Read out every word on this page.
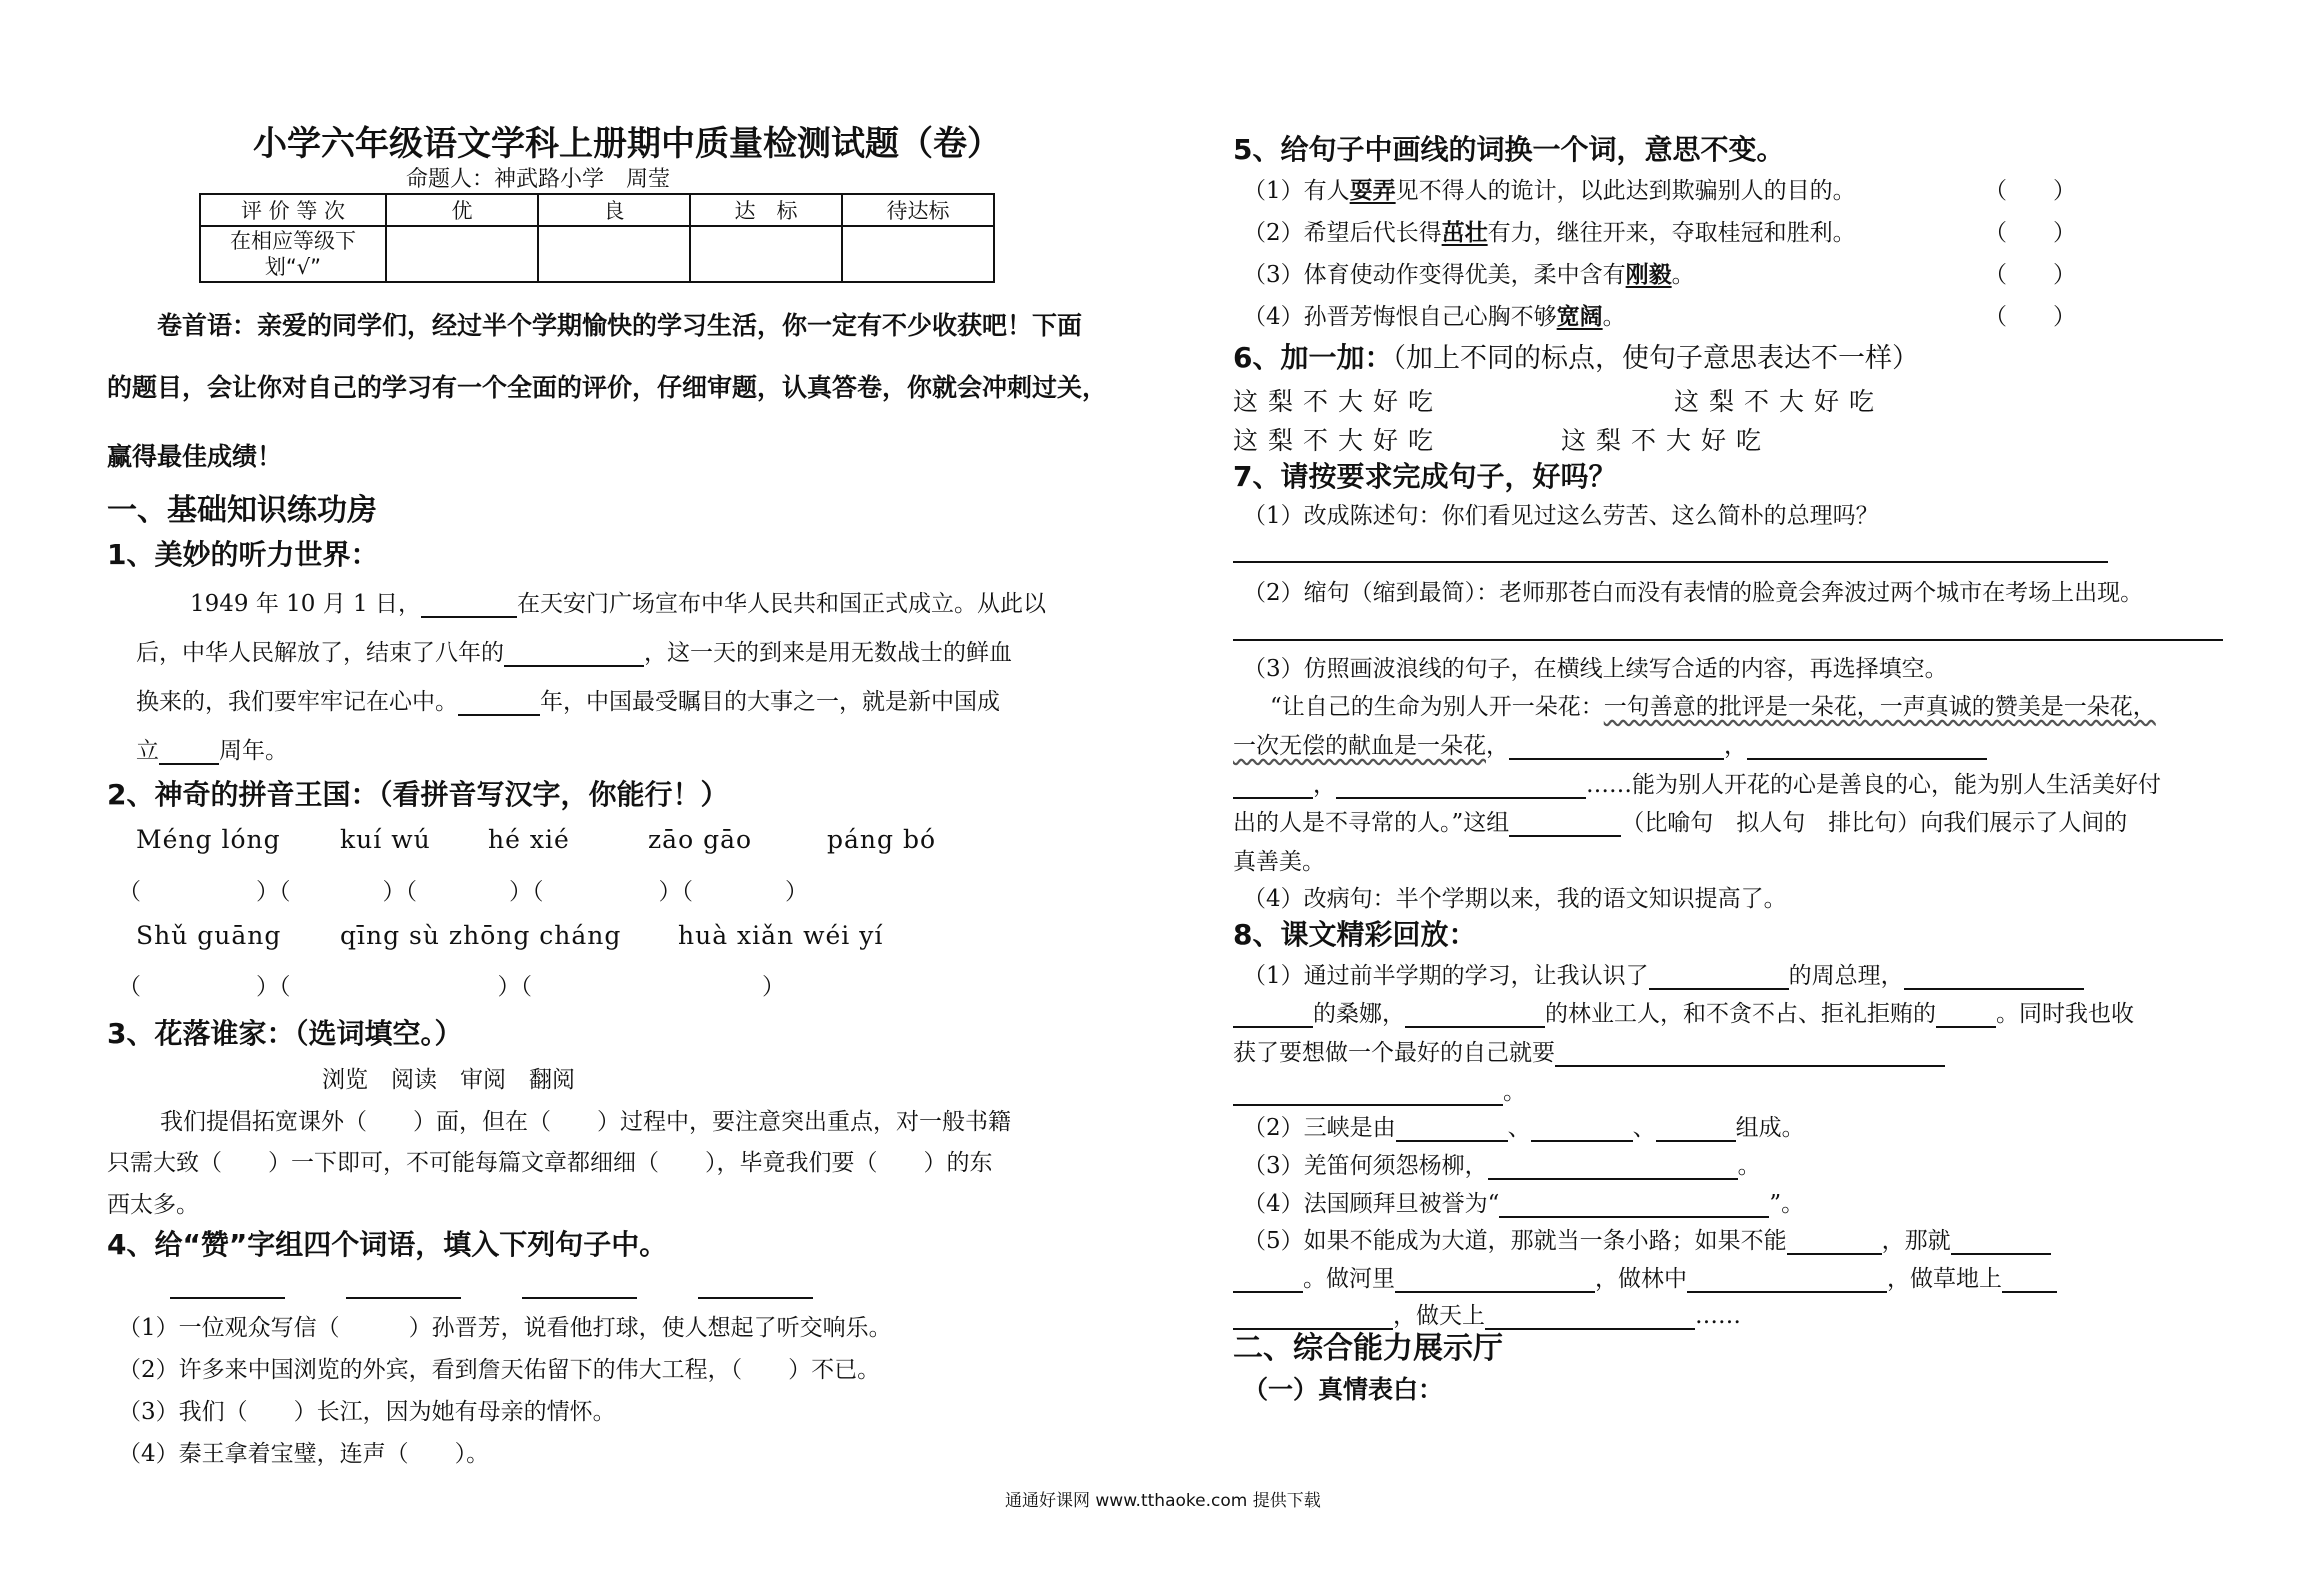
小学六年级语文学科上册期中质量检测试题（卷）
命题人：神武路小学　周莹
评 价 等 次	优	良	达　标	待达标
在相应等级下划“√”				
卷首语：亲爱的同学们，经过半个学期愉快的学习生活，你一定有不少收获吧！下面
的题目，会让你对自己的学习有一个全面的评价，仔细审题，认真答卷，你就会冲刺过关，
赢得最佳成绩！
一、基础知识练功房
1、美妙的听力世界：
1949 年 10 月 1 日，	在天安门广场宣布中华人民共和国正式成立。从此以
后，中华人民解放了，结束了八年的	，这一天的到来是用无数战士的鲜血
换来的，我们要牢牢记在心中。	年，中国最受瞩目的大事之一，就是新中国成
立	周年。
2、神奇的拼音王国：（看拼音写汉字，你能行！）
Méng lóng kuí wú hé xié	zāo gāo	páng bó
（　　　　　）（　　　　）（　　　　）（　　　　　）（　　　　）
Shǔ guāng qīng sù zhōng cháng huà xiǎn wéi yí
（　　　　　）（　　　　　　　　　）（　　　　　　　　　　）
3、花落谁家：（选词填空。）
浏览　阅读　审阅　翻阅
我们提倡拓宽课外（　　）面，但在（　　）过程中，要注意突出重点，对一般书籍
只需大致（　　）一下即可，不可能每篇文章都细细（　　），毕竟我们要（　　）的东
西太多。
4、给“赞”字组四个词语，填入下列句子中。
（1）一位观众写信（　　　）孙晋芳，说看他打球，使人想起了听交响乐。
（2）许多来中国浏览的外宾，看到詹天佑留下的伟大工程，（　　）不已。
（3）我们（　　）长江，因为她有母亲的情怀。
（4）秦王拿着宝璧，连声（　　）。
5、给句子中画线的词换一个词，意思不变。
（1）有人耍弄见不得人的诡计，以此达到欺骗别人的目的。
（2）希望后代长得茁壮有力，继往开来，夺取桂冠和胜利。
（3）体育使动作变得优美，柔中含有刚毅。
（4）孙晋芳悔恨自己心胸不够宽阔。
（　　）
（　　）
（　　）
（　　）
6、加一加：（加上不同的标点，使句子意思表达不一样）
这梨不大好吃	这梨不大好吃
这梨不大好吃	这梨不大好吃
7、请按要求完成句子，好吗？
（1）改成陈述句：你们看见过这么劳苦、这么简朴的总理吗？
（2）缩句（缩到最简）：老师那苍白而没有表情的脸竟会奔波过两个城市在考场上出现。
（3）仿照画波浪线的句子，在横线上续写合适的内容，再选择填空。
“让自己的生命为别人开一朵花：一句善意的批评是一朵花，一声真诚的赞美是一朵花，
一次无偿的献血是一朵花，	，
，	……能为别人开花的心是善良的心，能为别人生活美好付
出的人是不寻常的人。”这组	（比喻句　拟人句　排比句）向我们展示了人间的
真善美。
（4）改病句：半个学期以来，我的语文知识提高了。
8、课文精彩回放：
（1）通过前半学期的学习，让我认识了	的周总理，
的桑娜，	的林业工人，和不贪不占、拒礼拒贿的	。同时我也收
获了要想做一个最好的自己就要
。
（2）三峡是由	、	、	组成。
（3）羌笛何须怨杨柳，	。
（4）法国顾拜旦被誉为“	”。
（5）如果不能成为大道，那就当一条小路；如果不能	，那就
。做河里	，做林中	，做草地上
，做天上	……
二、综合能力展示厅
（一）真情表白：
通通好课网 www.tthaoke.com 提供下载
